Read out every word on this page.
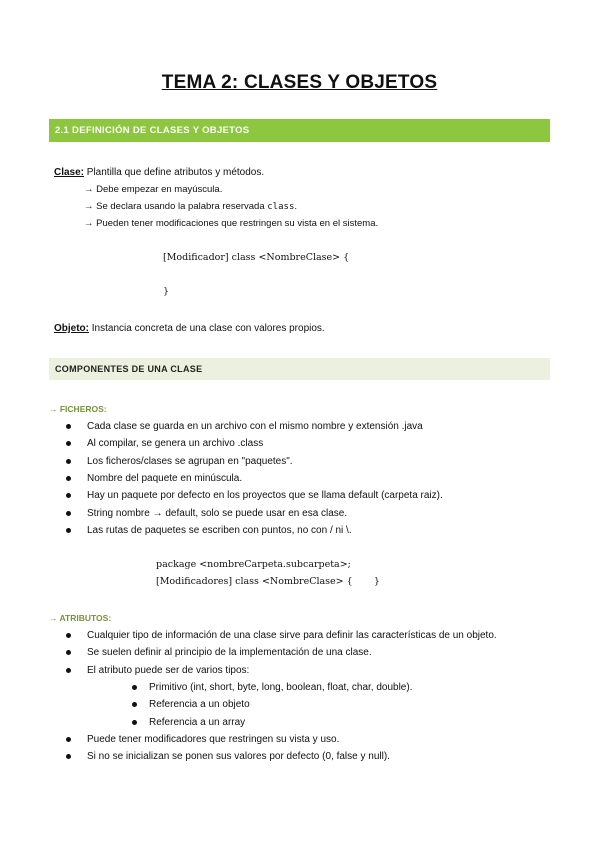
TEMA 2: CLASES Y OBJETOS
2.1 DEFINICIÓN DE CLASES Y OBJETOS
Clase: Plantilla que define atributos y métodos.
→ Debe empezar en mayúscula.
→ Se declara usando la palabra reservada class.
→ Pueden tener modificaciones que restringen su vista en el sistema.
[Modificador] class <NombreClase> {
}
Objeto: Instancia concreta de una clase con valores propios.
COMPONENTES DE UNA CLASE
→ FICHEROS:
Cada clase se guarda en un archivo con el mismo nombre y extensión .java
Al compilar, se genera un archivo .class
Los ficheros/clases se agrupan en "paquetes".
Nombre del paquete en minúscula.
Hay un paquete por defecto en los proyectos que se llama default (carpeta raiz).
String nombre → default, solo se puede usar en esa clase.
Las rutas de paquetes se escriben con puntos, no con / ni \.
package <nombreCarpeta.subcarpeta>;
[Modificadores] class <NombreClase> {       }
→ ATRIBUTOS:
Cualquier tipo de información de una clase sirve para definir las características de un objeto.
Se suelen definir al principio de la implementación de una clase.
El atributo puede ser de varios tipos:
Primitivo (int, short, byte, long, boolean, float, char, double).
Referencia a un objeto
Referencia a un array
Puede tener modificadores que restringen su vista y uso.
Si no se inicializan se ponen sus valores por defecto (0, false y null).
